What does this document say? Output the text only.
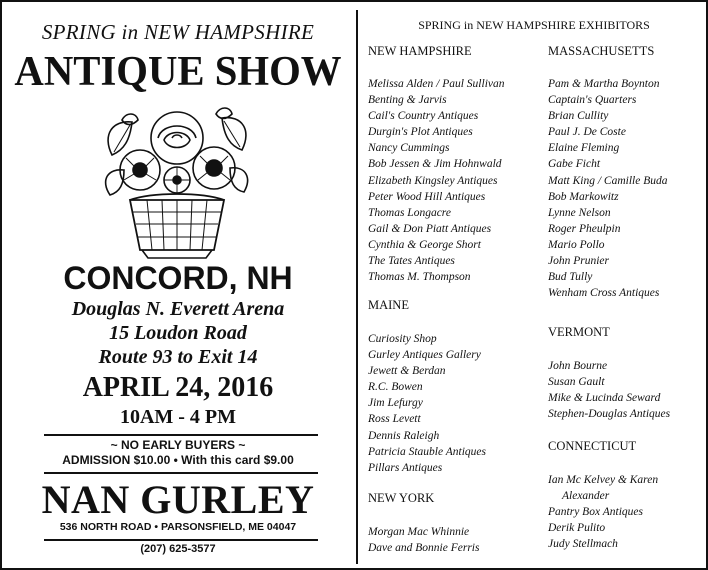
SPRING in NEW HAMPSHIRE
ANTIQUE SHOW
CONCORD, NH
Douglas N. Everett Arena
15 Loudon Road
Route 93 to Exit 14
APRIL 24, 2016
10AM - 4 PM
~ NO EARLY BUYERS ~
ADMISSION $10.00 • With this card $9.00
NAN GURLEY
536 NORTH ROAD • PARSONSFIELD, ME 04047
(207) 625-3577
SPRING in NEW HAMPSHIRE EXHIBITORS
NEW HAMPSHIRE
Melissa Alden / Paul Sullivan
Benting & Jarvis
Cail's Country Antiques
Durgin's Plot Antiques
Nancy Cummings
Bob Jessen & Jim Hohnwald
Elizabeth Kingsley Antiques
Peter Wood Hill Antiques
Thomas Longacre
Gail & Don Piatt Antiques
Cynthia & George Short
The Tates Antiques
Thomas M. Thompson
MAINE
Curiosity Shop
Gurley Antiques Gallery
Jewett & Berdan
R.C. Bowen
Jim Lefurgy
Ross Levett
Dennis Raleigh
Patricia Stauble Antiques
Pillars Antiques
NEW YORK
Morgan Mac Whinnie
Dave and Bonnie Ferris
MASSACHUSETTS
Pam & Martha Boynton
Captain's Quarters
Brian Cullity
Paul J. De Coste
Elaine Fleming
Gabe Ficht
Matt King / Camille Buda
Bob Markowitz
Lynne Nelson
Roger Pheulpin
Mario Pollo
John Prunier
Bud Tully
Wenham Cross Antiques
VERMONT
John Bourne
Susan Gault
Mike & Lucinda Seward
Stephen-Douglas Antiques
CONNECTICUT
Ian Mc Kelvey & Karen
Alexander
Pantry Box Antiques
Derik Pulito
Judy Stellmach
